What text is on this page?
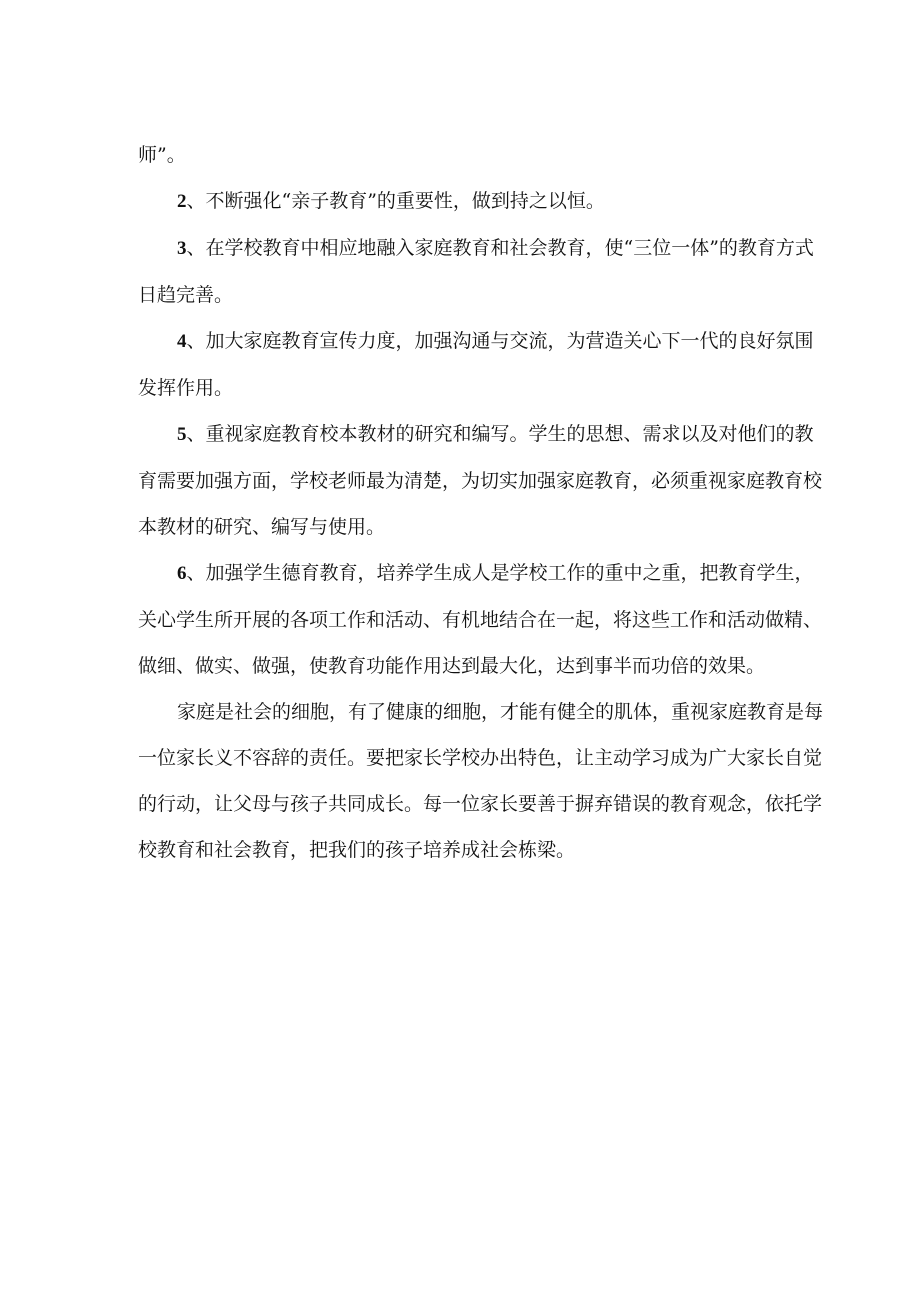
师”。

2、不断强化“亲子教育”的重要性，做到持之以恒。

3、在学校教育中相应地融入家庭教育和社会教育，使“三位一体”的教育方式日趋完善。

4、加大家庭教育宣传力度，加强沟通与交流，为营造关心下一代的良好氛围发挥作用。

5、重视家庭教育校本教材的研究和编写。学生的思想、需求以及对他们的教育需要加强方面，学校老师最为清楚，为切实加强家庭教育，必须重视家庭教育校本教材的研究、编写与使用。

6、加强学生德育教育，培养学生成人是学校工作的重中之重，把教育学生，关心学生所开展的各项工作和活动、有机地结合在一起，将这些工作和活动做精、做细、做实、做强，使教育功能作用达到最大化，达到事半而功倍的效果。

家庭是社会的细胞，有了健康的细胞，才能有健全的肌体，重视家庭教育是每一位家长义不容辞的责任。要把家长学校办出特色，让主动学习成为广大家长自觉的行动，让父母与孩子共同成长。每一位家长要善于摒弃错误的教育观念，依托学校教育和社会教育，把我们的孩子培养成社会栋梁。
